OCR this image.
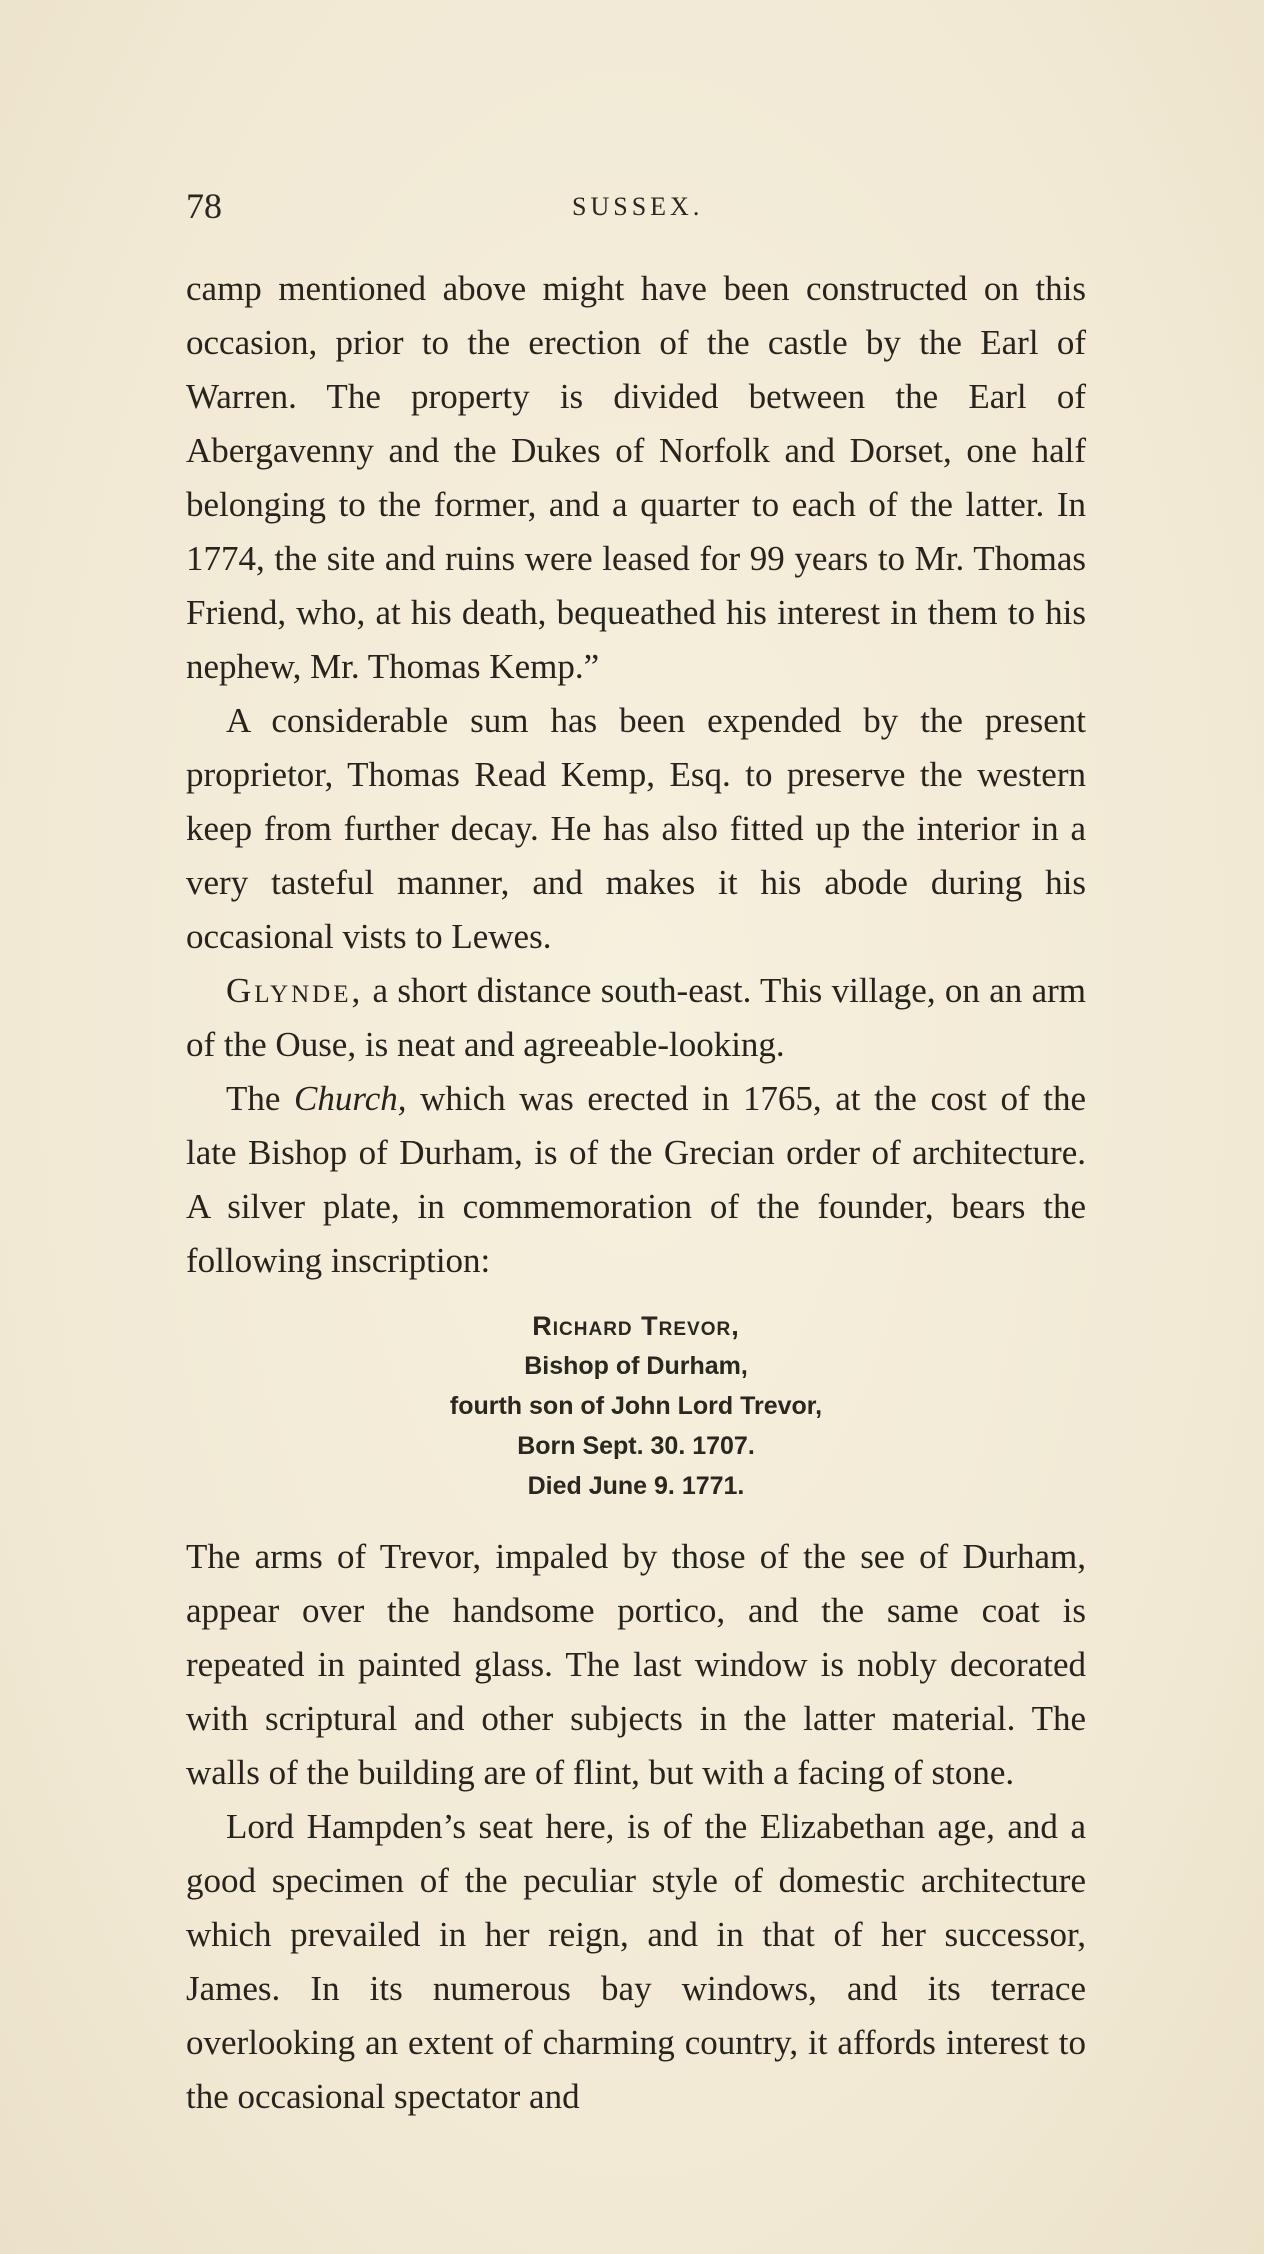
78	SUSSEX.

camp mentioned above might have been constructed on this occasion, prior to the erection of the castle by the Earl of Warren. The property is divided between the Earl of Abergavenny and the Dukes of Norfolk and Dorset, one half belonging to the former, and a quarter to each of the latter. In 1774, the site and ruins were leased for 99 years to Mr. Thomas Friend, who, at his death, bequeathed his interest in them to his nephew, Mr. Thomas Kemp.”

A considerable sum has been expended by the present proprietor, Thomas Read Kemp, Esq. to preserve the western keep from further decay. He has also fitted up the interior in a very tasteful manner, and makes it his abode during his occasional vists to Lewes.

Glynde, a short distance south-east. This village, on an arm of the Ouse, is neat and agreeable-looking.

The Church, which was erected in 1765, at the cost of the late Bishop of Durham, is of the Grecian order of architecture. A silver plate, in commemoration of the founder, bears the following inscription:

Richard Trevor,
Bishop of Durham,
fourth son of John Lord Trevor,
Born Sept. 30. 1707.
Died June 9. 1771.

The arms of Trevor, impaled by those of the see of Durham, appear over the handsome portico, and the same coat is repeated in painted glass. The last window is nobly decorated with scriptural and other subjects in the latter material. The walls of the building are of flint, but with a facing of stone.

Lord Hampden’s seat here, is of the Elizabethan age, and a good specimen of the peculiar style of domestic architecture which prevailed in her reign, and in that of her successor, James. In its numerous bay windows, and its terrace overlooking an extent of charming country, it affords interest to the occasional spectator and
